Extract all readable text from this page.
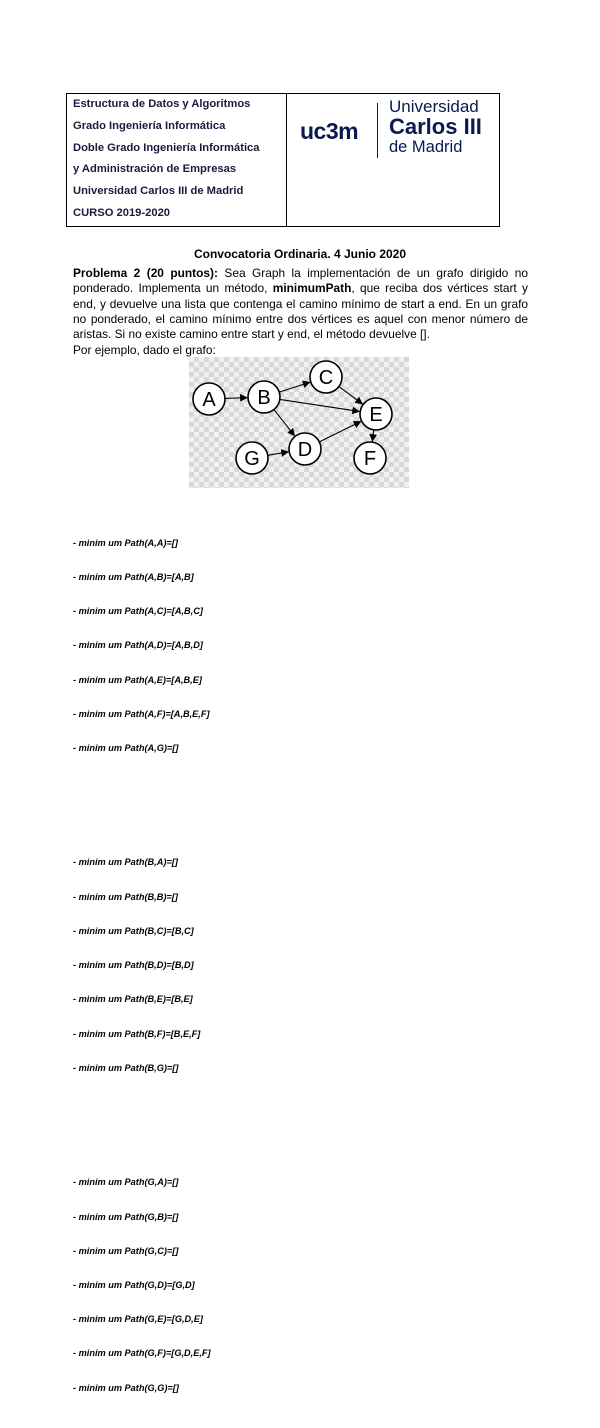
Estructura de Datos y Algoritmos
Grado Ingeniería Informática
Doble Grado Ingeniería Informática
y Administración de Empresas
Universidad Carlos III de Madrid
CURSO 2019-2020
uc3m
Universidad
Carlos III
de Madrid
Convocatoria Ordinaria. 4 Junio 2020
Problema 2 (20 puntos): Sea Graph la implementación de un grafo dirigido no ponderado. Implementa un método, minimumPath, que reciba dos vértices start y end, y devuelve una lista que contenga el camino mínimo de start a end. En un grafo no ponderado, el camino mínimo entre dos vértices es aquel con menor número de aristas. Si no existe camino entre start y end, el método devuelve [].
Por ejemplo, dado el grafo:
A B
C
D
E
F
G

- minim um Path(A,A)=[]

- minim um Path(A,B)=[A,B]

- minim um Path(A,C)=[A,B,C]

- minim um Path(A,D)=[A,B,D]

- minim um Path(A,E)=[A,B,E]

- minim um Path(A,F)=[A,B,E,F]

- minim um Path(A,G)=[]

- minim um Path(B,A)=[]

- minim um Path(B,B)=[]

- minim um Path(B,C)=[B,C]

- minim um Path(B,D)=[B,D]

- minim um Path(B,E)=[B,E]

- minim um Path(B,F)=[B,E,F]

- minim um Path(B,G)=[]

- minim um Path(G,A)=[]

- minim um Path(G,B)=[]

- minim um Path(G,C)=[]

- minim um Path(G,D)=[G,D]

- minim um Path(G,E)=[G,D,E]

- minim um Path(G,F)=[G,D,E,F]

- minim um Path(G,G)=[]
